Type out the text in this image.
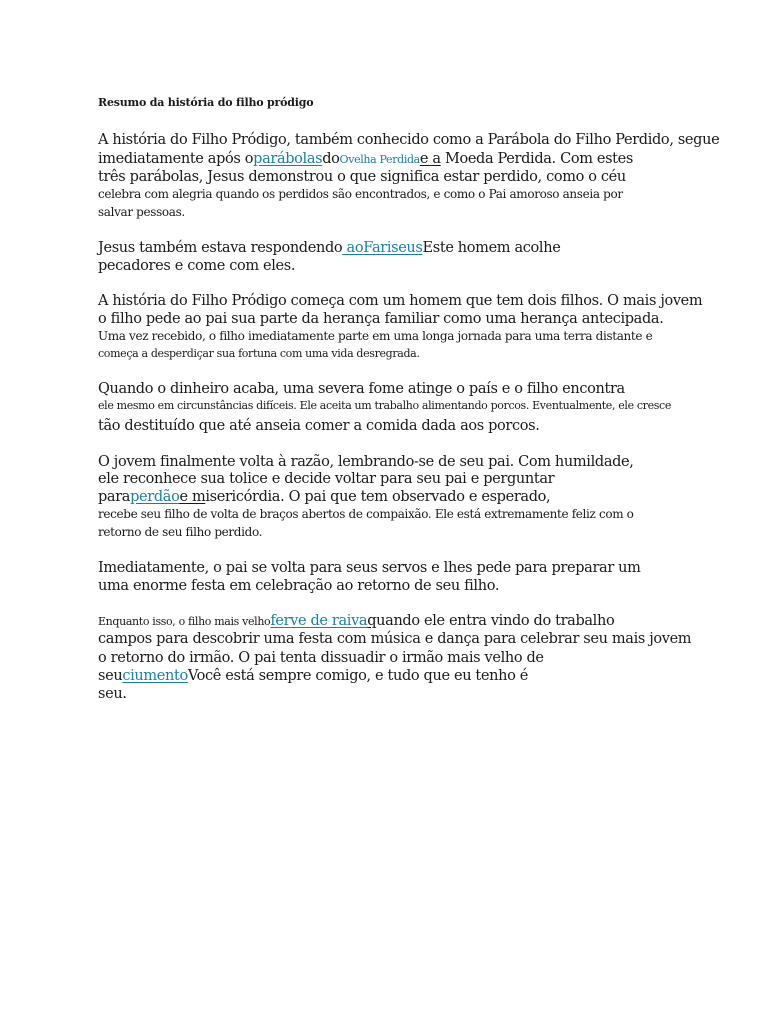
Resumo da história do filho pródigo
A história do Filho Pródigo, também conhecido como a Parábola do Filho Perdido, segue
imediatamente após oparábolasdoOvelha Perdidae a Moeda Perdida. Com estes
três parábolas, Jesus demonstrou o que significa estar perdido, como o céu
celebra com alegria quando os perdidos são encontrados, e como o Pai amoroso anseia por
salvar pessoas.
Jesus também estava respondendo aoFariseusEste homem acolhe
pecadores e come com eles.
A história do Filho Pródigo começa com um homem que tem dois filhos. O mais jovem
o filho pede ao pai sua parte da herança familiar como uma herança antecipada.
Uma vez recebido, o filho imediatamente parte em uma longa jornada para uma terra distante e
começa a desperdiçar sua fortuna com uma vida desregrada.
Quando o dinheiro acaba, uma severa fome atinge o país e o filho encontra
ele mesmo em circunstâncias difíceis. Ele aceita um trabalho alimentando porcos. Eventualmente, ele cresce
tão destituído que até anseia comer a comida dada aos porcos.
O jovem finalmente volta à razão, lembrando-se de seu pai. Com humildade,
ele reconhece sua tolice e decide voltar para seu pai e perguntar
paraperdãoe misericórdia. O pai que tem observado e esperado,
recebe seu filho de volta de braços abertos de compaixão. Ele está extremamente feliz com o
retorno de seu filho perdido.
Imediatamente, o pai se volta para seus servos e lhes pede para preparar um
uma enorme festa em celebração ao retorno de seu filho.
Enquanto isso, o filho mais velhoferve de raivaquando ele entra vindo do trabalho
campos para descobrir uma festa com música e dança para celebrar seu mais jovem
o retorno do irmão. O pai tenta dissuadir o irmão mais velho de
seuciumentoVocê está sempre comigo, e tudo que eu tenho é
seu.
